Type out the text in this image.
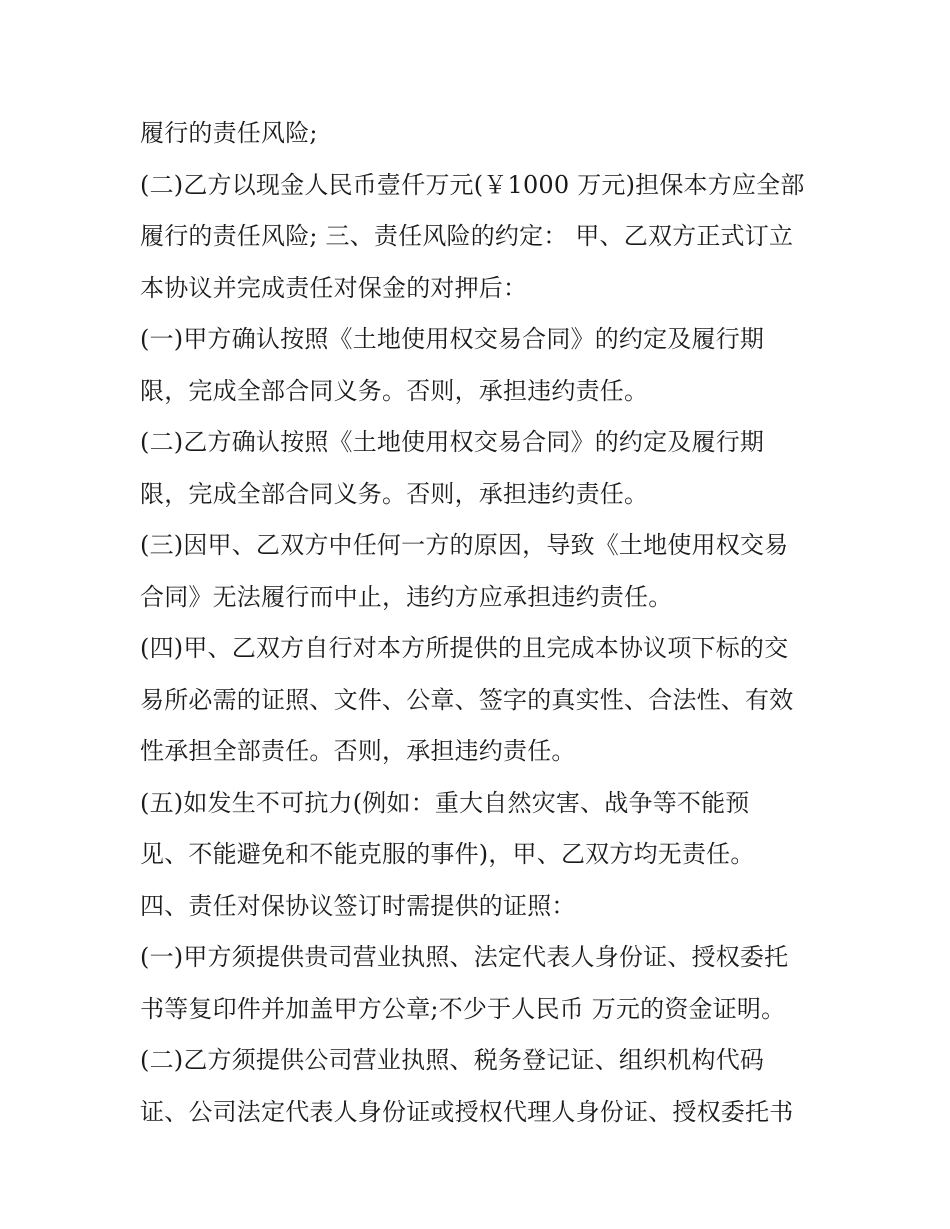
履行的责任风险;
(二)乙方以现金人民币壹仟万元(￥1000 万元)担保本方应全部
履行的责任风险; 三、责任风险的约定： 甲、乙双方正式订立
本协议并完成责任对保金的对押后：
(一)甲方确认按照《土地使用权交易合同》的约定及履行期
限，完成全部合同义务。否则，承担违约责任。
(二)乙方确认按照《土地使用权交易合同》的约定及履行期
限，完成全部合同义务。否则，承担违约责任。
(三)因甲、乙双方中任何一方的原因，导致《土地使用权交易
合同》无法履行而中止，违约方应承担违约责任。
(四)甲、乙双方自行对本方所提供的且完成本协议项下标的交
易所必需的证照、文件、公章、签字的真实性、合法性、有效
性承担全部责任。否则，承担违约责任。
(五)如发生不可抗力(例如：重大自然灾害、战争等不能预
见、不能避免和不能克服的事件)，甲、乙双方均无责任。
四、责任对保协议签订时需提供的证照：
(一)甲方须提供贵司营业执照、法定代表人身份证、授权委托
书等复印件并加盖甲方公章;不少于人民币 万元的资金证明。
(二)乙方须提供公司营业执照、税务登记证、组织机构代码
证、公司法定代表人身份证或授权代理人身份证、授权委托书
